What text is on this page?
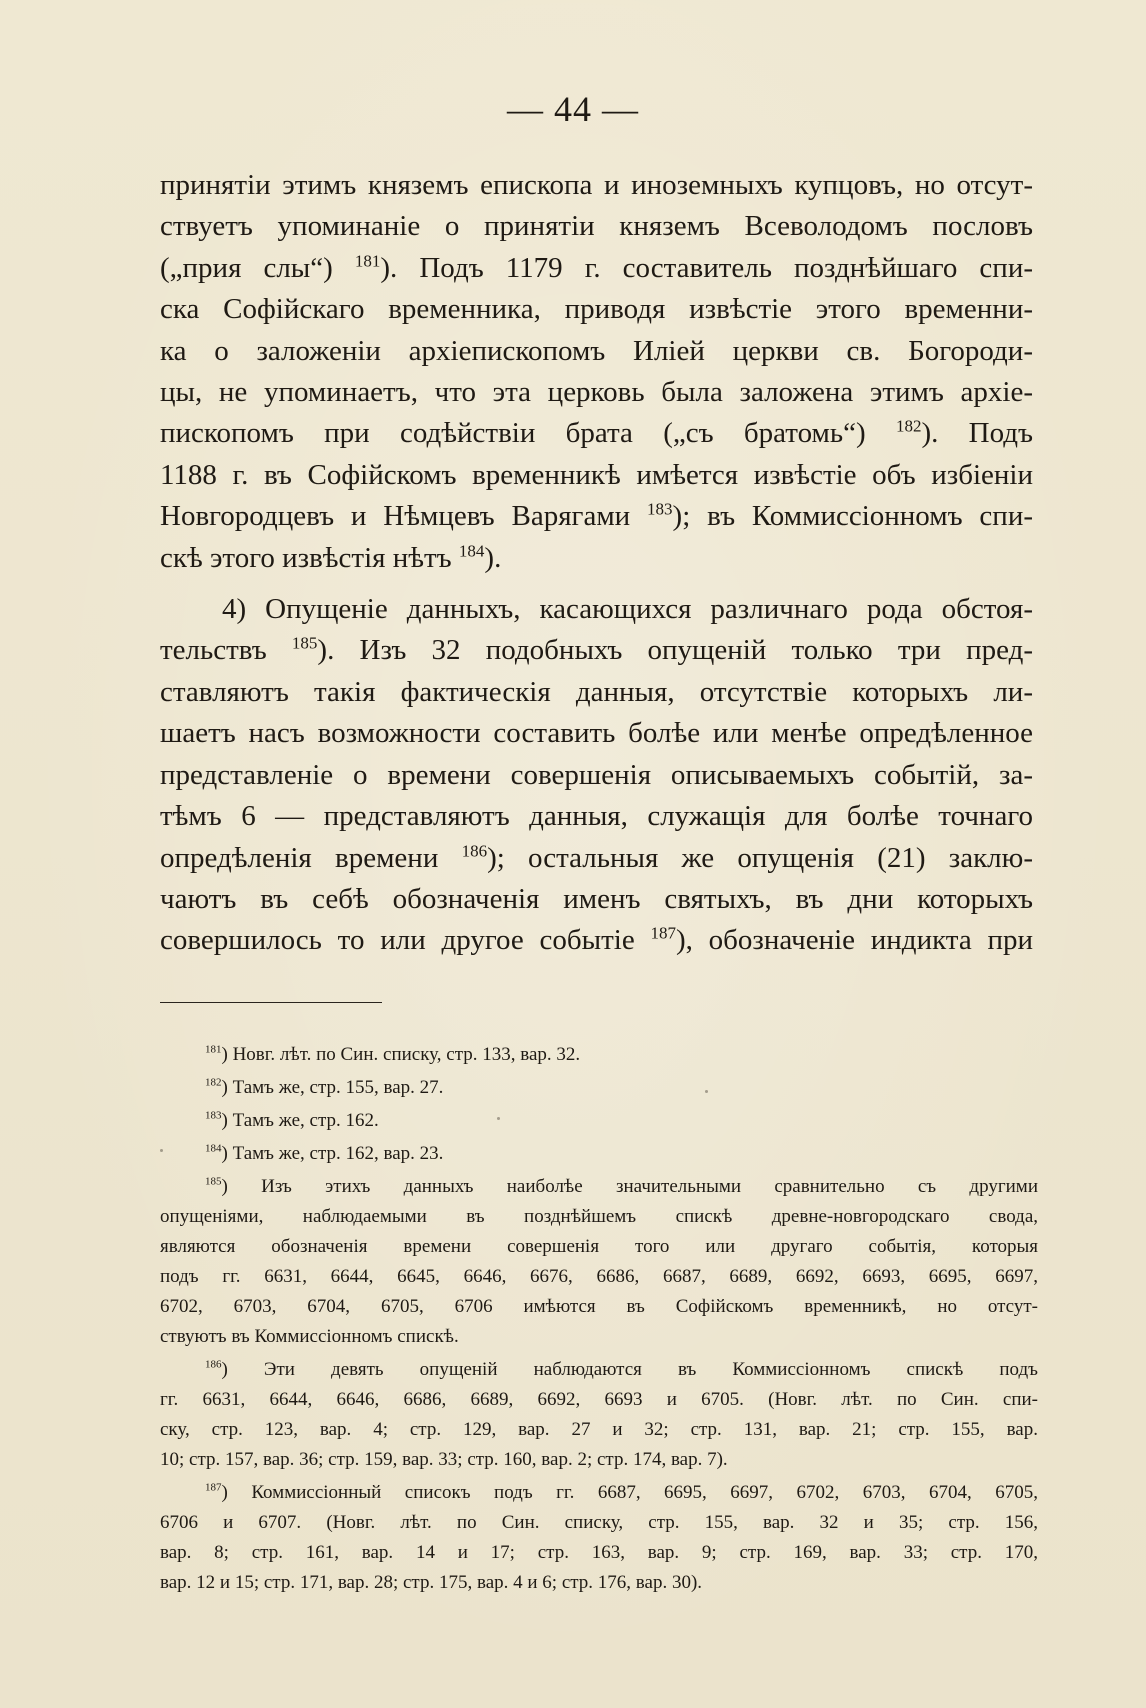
— 44 —
принятіи этимъ княземъ епископа и иноземныхъ купцовъ, но отсут-
ствуетъ упоминаніе о принятіи княземъ Всеволодомъ пословъ
(„прия слы“) $^{181}$). Подъ 1179 г. составитель позднѣйшаго спи-
ска Софійскаго временника, приводя извѣстіе этого временни-
ка о заложеніи архіепископомъ Иліей церкви св. Богороди-
цы, не упоминаетъ, что эта церковь была заложена этимъ архіе-
пископомъ при содѣйствіи брата („съ братомь“) $^{182}$). Подъ
1188 г. въ Софійскомъ временникѣ имѣется извѣстіе объ избіеніи
Новгородцевъ и Нѣмцевъ Варягами $^{183}$); въ Коммиссіонномъ спи-
скѣ этого извѣстія нѣтъ $^{184}$).
4) Опущеніе данныхъ, касающихся различнаго рода обстоя-
тельствъ $^{185}$). Изъ 32 подобныхъ опущеній только три пред-
ставляютъ такія фактическія данныя, отсутствіе которыхъ ли-
шаетъ насъ возможности составить болѣе или менѣе опредѣленное
представленіе о времени совершенія описываемыхъ событій, за-
тѣмъ 6 — представляютъ данныя, служащія для болѣе точнаго
опредѣленія времени $^{186}$); остальныя же опущенія (21) заклю-
чаютъ въ себѣ обозначенія именъ святыхъ, въ дни которыхъ
совершилось то или другое событіе $^{187}$), обозначеніе индикта при
$^{181}$) Новг. лѣт. по Син. списку, стр. 133, вар. 32.
$^{182}$) Тамъ же, стр. 155, вар. 27.
$^{183}$) Тамъ же, стр. 162.
$^{184}$) Тамъ же, стр. 162, вар. 23.
$^{185}$) Изъ этихъ данныхъ наиболѣе значительными сравнительно съ другими
опущеніями, наблюдаемыми въ позднѣйшемъ спискѣ древне-новгородскаго свода,
являются обозначенія времени совершенія того или другаго событія, которыя
подъ гг. 6631, 6644, 6645, 6646, 6676, 6686, 6687, 6689, 6692, 6693, 6695, 6697,
6702, 6703, 6704, 6705, 6706 имѣются въ Софійскомъ временникѣ, но отсут-
ствуютъ въ Коммиссіонномъ спискѣ.
$^{186}$) Эти девять опущеній наблюдаются въ Коммиссіонномъ спискѣ подъ
гг. 6631, 6644, 6646, 6686, 6689, 6692, 6693 и 6705. (Новг. лѣт. по Син. спи-
ску, стр. 123, вар. 4; стр. 129, вар. 27 и 32; стр. 131, вар. 21; стр. 155, вар.
10; стр. 157, вар. 36; стр. 159, вар. 33; стр. 160, вар. 2; стр. 174, вар. 7).
$^{187}$) Коммиссіонный списокъ подъ гг. 6687, 6695, 6697, 6702, 6703, 6704, 6705,
6706 и 6707. (Новг. лѣт. по Син. списку, стр. 155, вар. 32 и 35; стр. 156,
вар. 8; стр. 161, вар. 14 и 17; стр. 163, вар. 9; стр. 169, вар. 33; стр. 170,
вар. 12 и 15; стр. 171, вар. 28; стр. 175, вар. 4 и 6; стр. 176, вар. 30).
